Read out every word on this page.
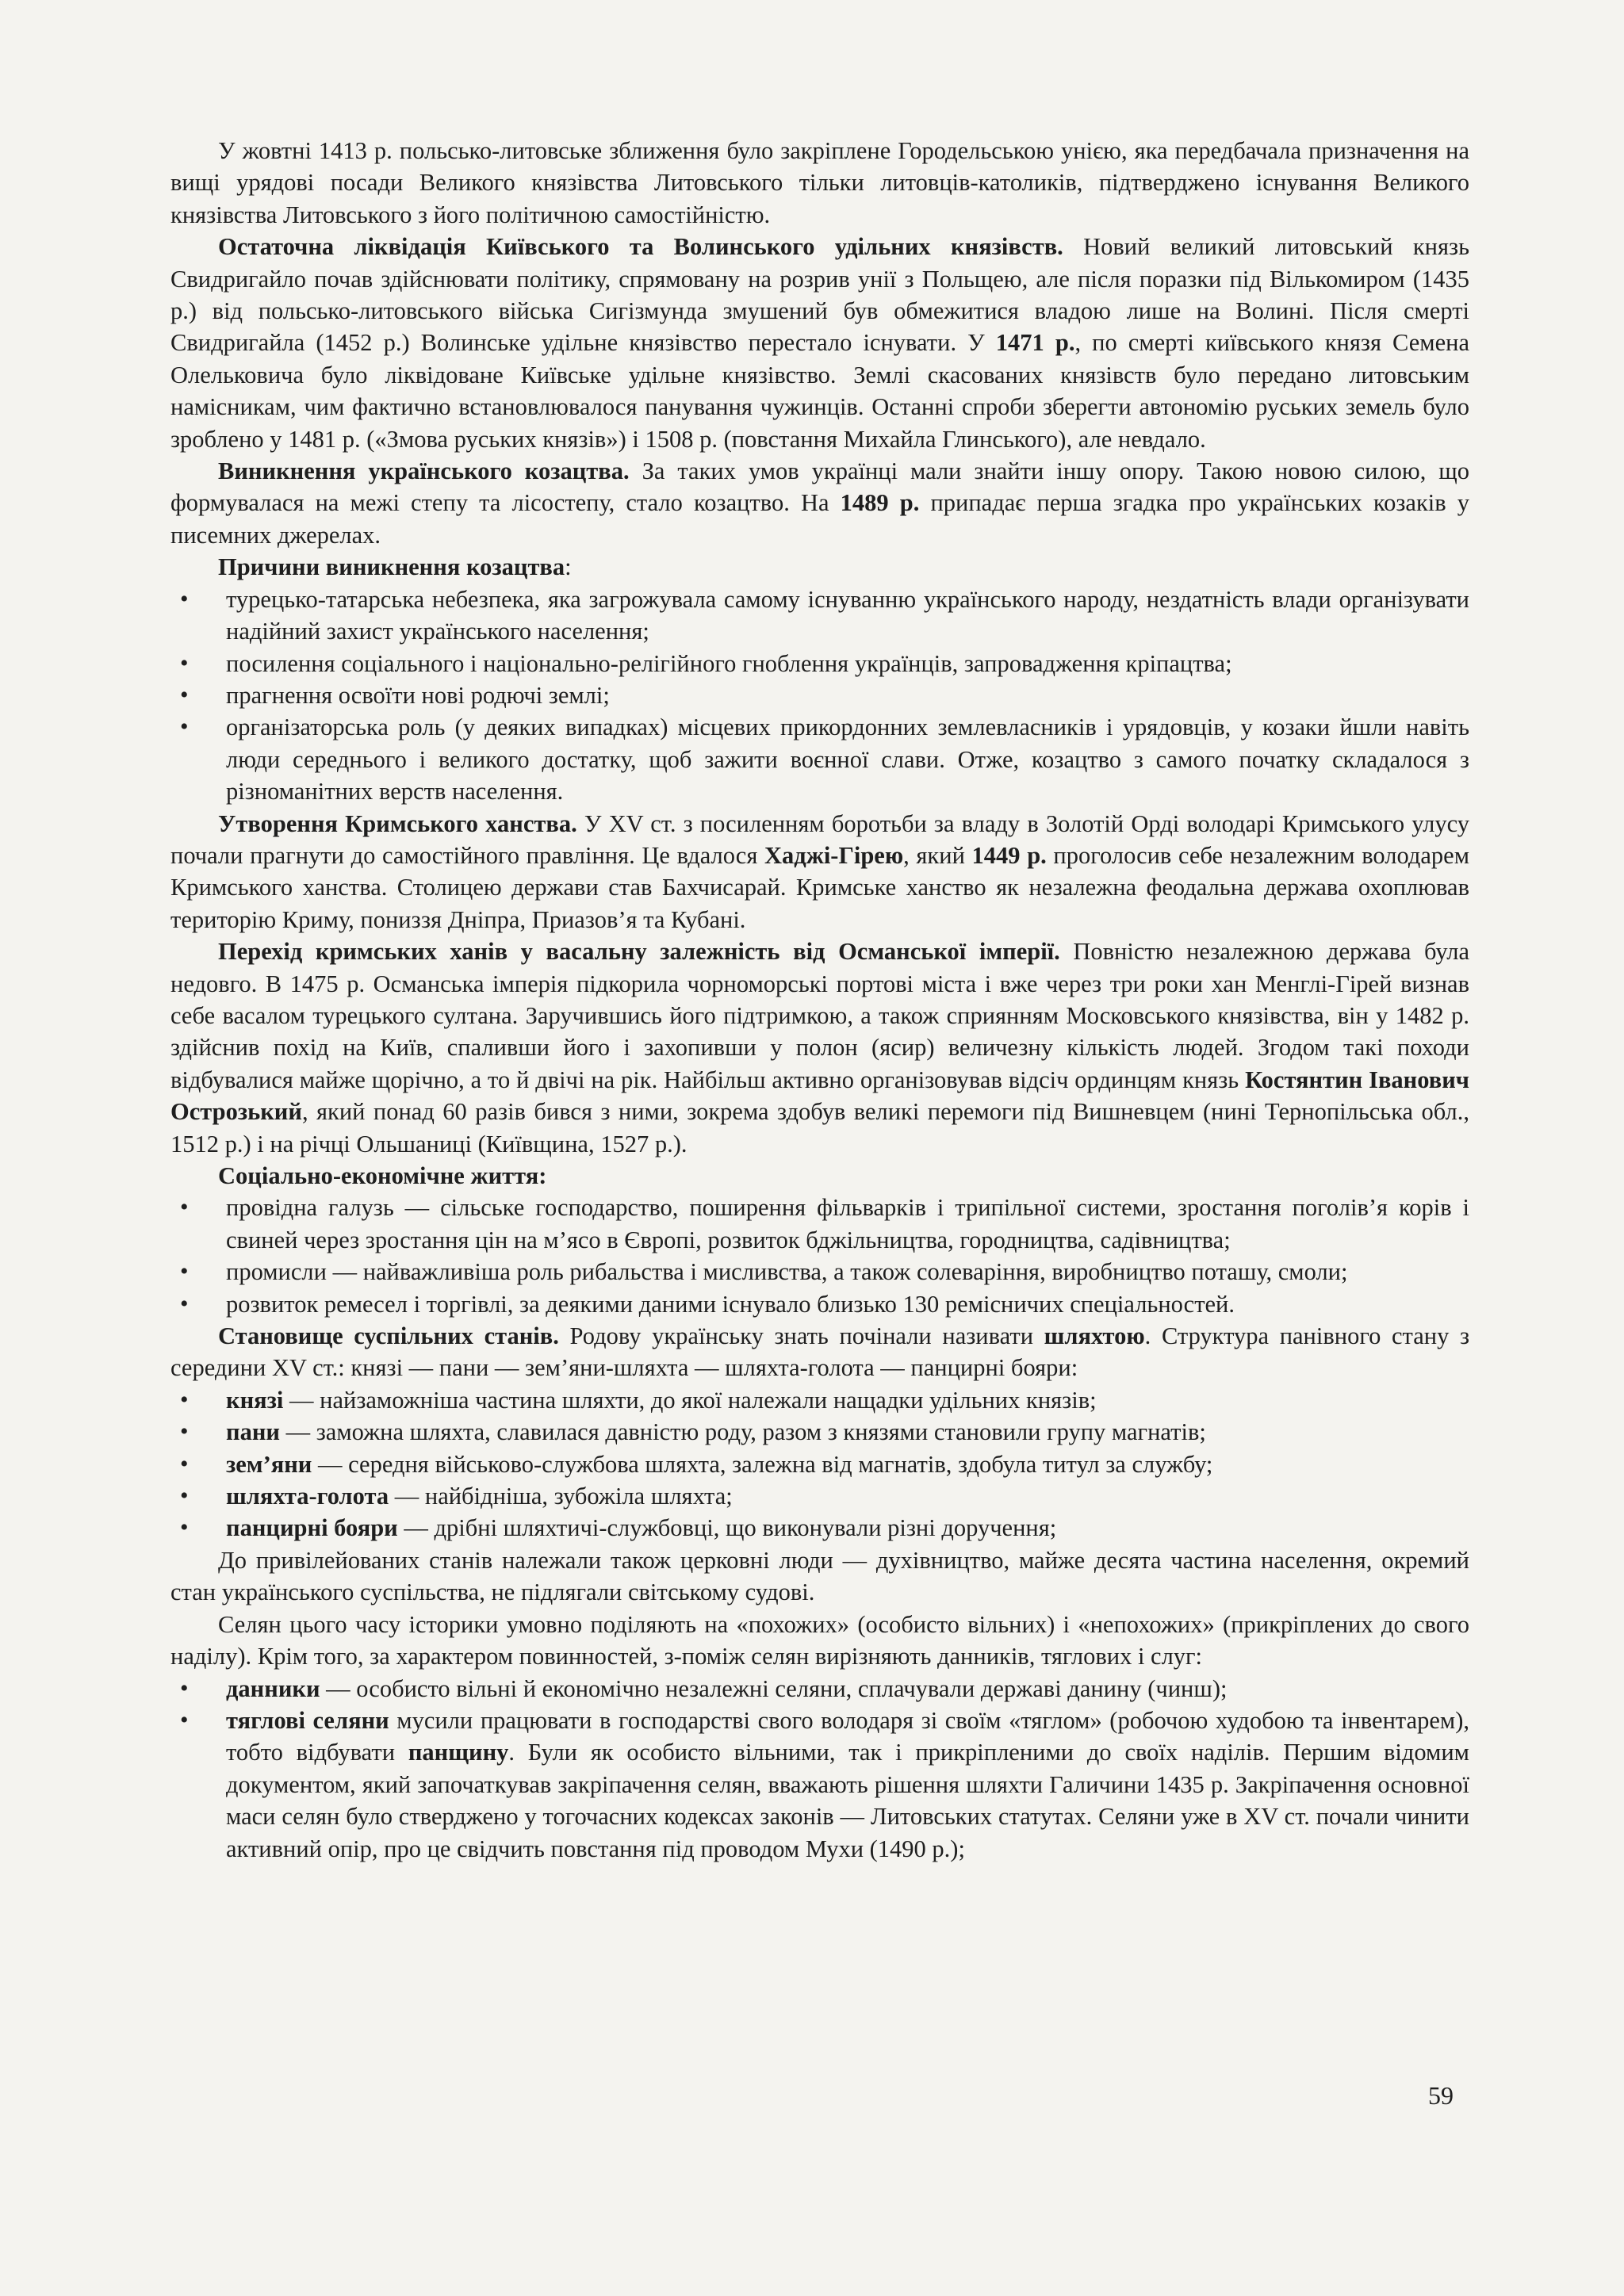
У жовтні 1413 р. польсько-литовське зближення було закріплене Городельською унією, яка передбачала призначення на вищі урядові посади Великого князівства Литовського тільки литовців-католиків, підтверджено існування Великого князівства Литовського з його політичною самостійністю.

Остаточна ліквідація Київського та Волинського удільних князівств. Новий великий литовський князь Свидригайло почав здійснювати політику, спрямовану на розрив унії з Польщею, але після поразки під Вількомиром (1435 р.) від польсько-литовського війська Сигізмунда змушений був обмежитися владою лише на Волині. Після смерті Свидригайла (1452 р.) Волинське удільне князівство перестало існувати. У 1471 р., по смерті київського князя Семена Олельковича було ліквідоване Київське удільне князівство. Землі скасованих князівств було передано литовським намісникам, чим фактично встановлювалося панування чужинців. Останні спроби зберегти автономію руських земель було зроблено у 1481 р. («Змова руських князів») і 1508 р. (повстання Михайла Глинського), але невдало.

Виникнення українського козацтва. За таких умов українці мали знайти іншу опору. Такою новою силою, що формувалася на межі степу та лісостепу, стало козацтво. На 1489 р. припадає перша згадка про українських козаків у писемних джерелах.

Причини виникнення козацтва:

• турецько-татарська небезпека, яка загрожувала самому існуванню українського народу, нездатність влади організувати надійний захист українського населення;
• посилення соціального і національно-релігійного гноблення українців, запровадження кріпацтва;
• прагнення освоїти нові родючі землі;
• організаторська роль (у деяких випадках) місцевих прикордонних землевласників і урядовців, у козаки йшли навіть люди середнього і великого достатку, щоб зажити воєнної слави. Отже, козацтво з самого початку складалося з різноманітних верств населення.

Утворення Кримського ханства. У XV ст. з посиленням боротьби за владу в Золотій Орді володарі Кримського улусу почали прагнути до самостійного правління. Це вдалося Хаджі-Гірею, який 1449 р. проголосив себе незалежним володарем Кримського ханства. Столицею держави став Бахчисарай. Кримське ханство як незалежна феодальна держава охоплював територію Криму, пониззя Дніпра, Приазов’я та Кубані.

Перехід кримських ханів у васальну залежність від Османської імперії. Повністю незалежною держава була недовго. В 1475 р. Османська імперія підкорила чорноморські портові міста і вже через три роки хан Менглі-Гірей визнав себе васалом турецького султана. Заручившись його підтримкою, а також сприянням Московського князівства, він у 1482 р. здійснив похід на Київ, спаливши його і захопивши у полон (ясир) величезну кількість людей. Згодом такі походи відбувалися майже щорічно, а то й двічі на рік. Найбільш активно організовував відсіч ординцям князь Костянтин Іванович Острозький, який понад 60 разів бився з ними, зокрема здобув великі перемоги під Вишневцем (нині Тернопільська обл., 1512 р.) і на річці Ольшаниці (Київщина, 1527 р.).

Соціально-економічне життя:

• провідна галузь — сільське господарство, поширення фільварків і трипільної системи, зростання поголів’я корів і свиней через зростання цін на м’ясо в Європі, розвиток бджільництва, городництва, садівництва;
• промисли — найважливіша роль рибальства і мисливства, а також солеваріння, виробництво поташу, смоли;
• розвиток ремесел і торгівлі, за деякими даними існувало близько 130 ремісничих спеціальностей.

Становище суспільних станів. Родову українську знать почінали називати шляхтою. Структура панівного стану з середини XV ст.: князі — пани — зем’яни-шляхта — шляхта-голота — панцирні бояри:

• князі — найзаможніша частина шляхти, до якої належали нащадки удільних князів;
• пани — заможна шляхта, славилася давністю роду, разом з князями становили групу магнатів;
• зем’яни — середня військово-службова шляхта, залежна від магнатів, здобула титул за службу;
• шляхта-голота — найбідніша, зубожіла шляхта;
• панцирні бояри — дрібні шляхтичі-службовці, що виконували різні доручення;

До привілейованих станів належали також церковні люди — духівництво, майже десята частина населення, окремий стан українського суспільства, не підлягали світському судові.

Селян цього часу історики умовно поділяють на «похожих» (особисто вільних) і «непохожих» (прикріплених до свого наділу). Крім того, за характером повинностей, з-поміж селян вирізняють данників, тяглових і слуг:

• данники — особисто вільні й економічно незалежні селяни, сплачували державі данину (чинш);
• тяглові селяни мусили працювати в господарстві свого володаря зі своїм «тяглом» (робочою худобою та інвентарем), тобто відбувати панщину. Були як особисто вільними, так і прикріпленими до своїх наділів. Першим відомим документом, який започаткував закріпачення селян, вважають рішення шляхти Галичини 1435 р. Закріпачення основної маси селян було стверджено у тогочасних кодексах законів — Литовських статутах. Селяни уже в XV ст. почали чинити активний опір, про це свідчить повстання під проводом Мухи (1490 р.);
59
